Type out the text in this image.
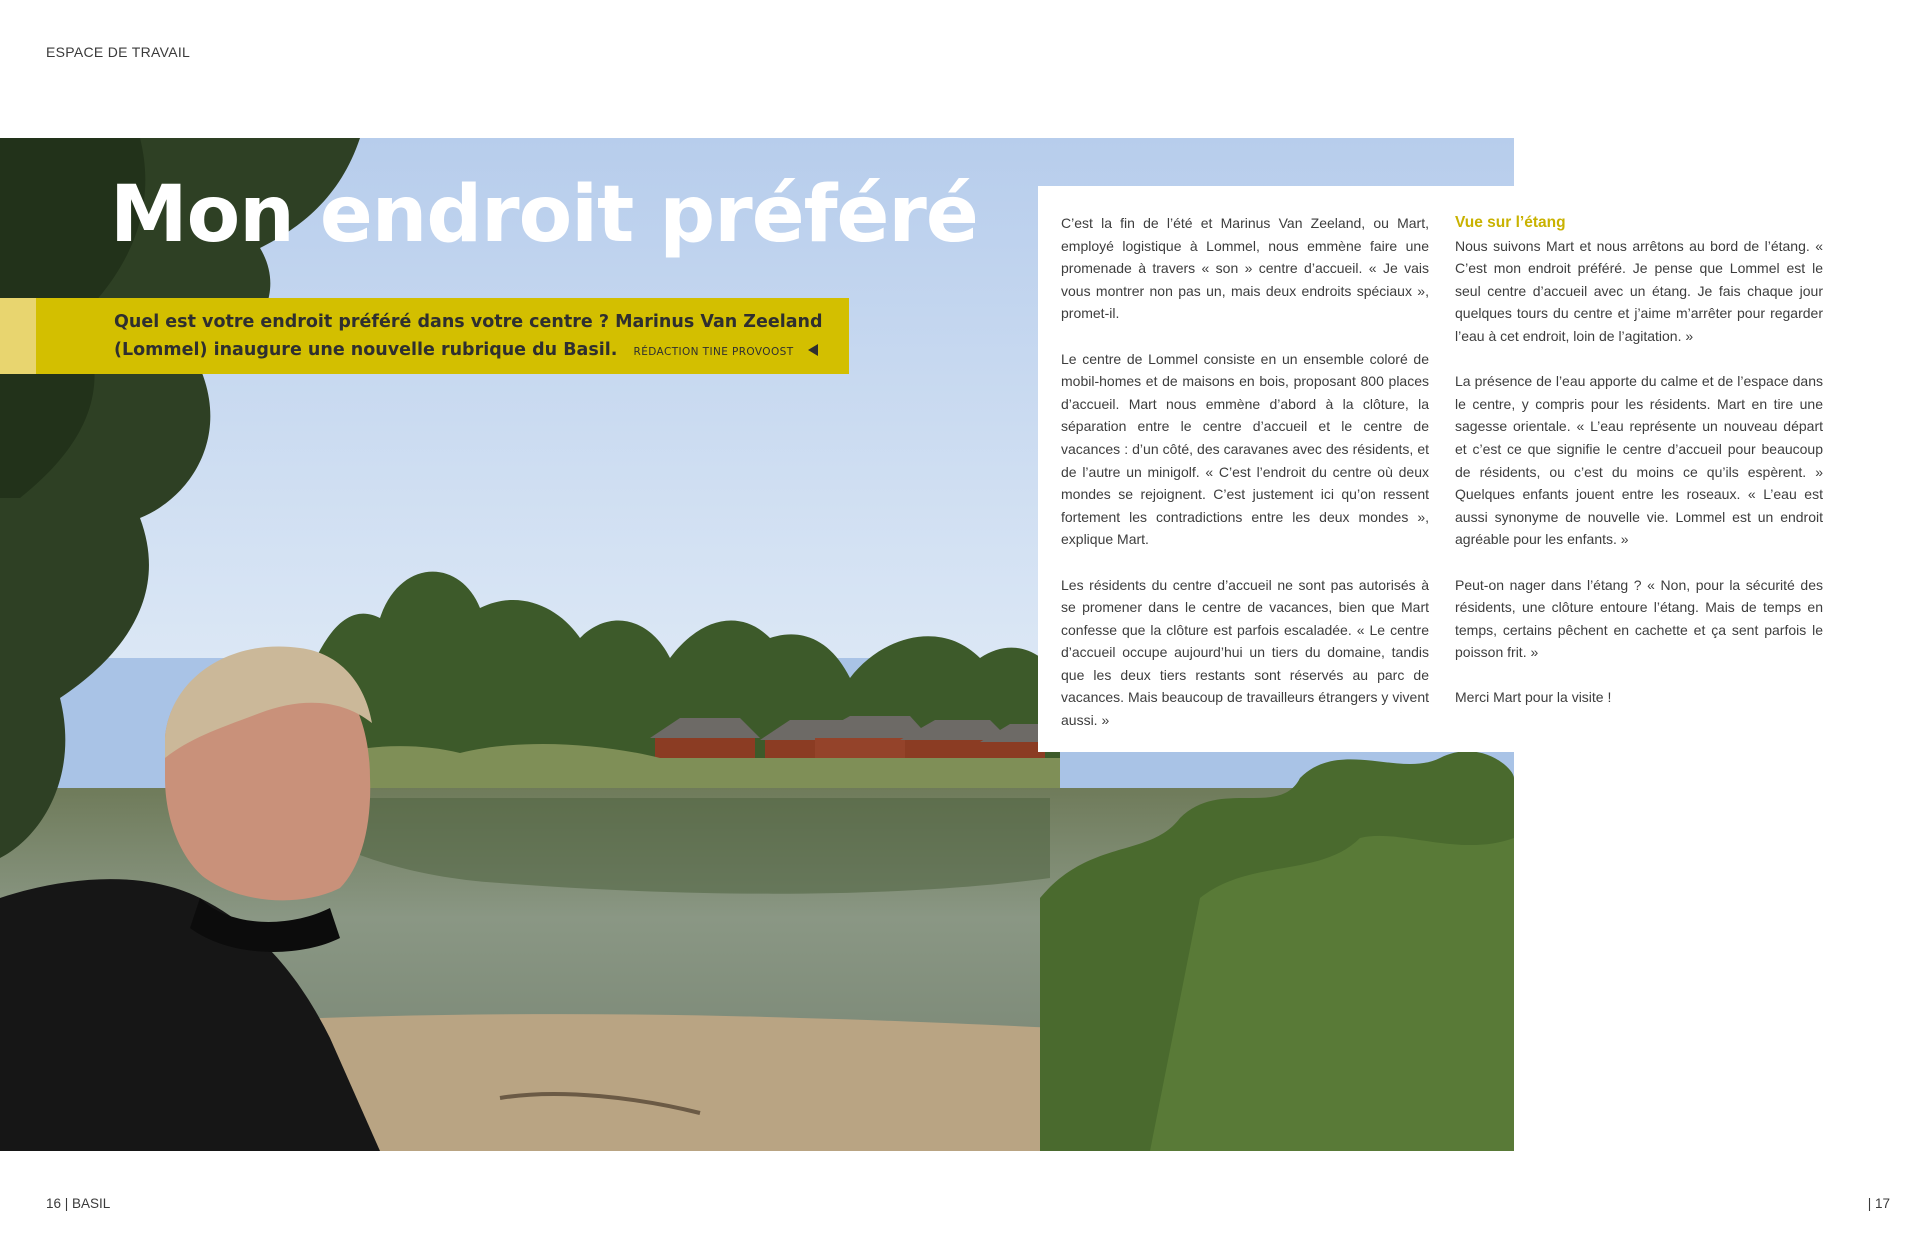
ESPACE DE TRAVAIL
Mon endroit préféré
Quel est votre endroit préféré dans votre centre ? Marinus Van Zeeland (Lommel) inaugure une nouvelle rubrique du Basil. RÉDACTION TINE PROVOOST

C’est la fin de l’été et Marinus Van Zeeland, ou Mart, employé logistique à Lommel, nous emmène faire une promenade à travers « son » centre d’accueil. « Je vais vous montrer non pas un, mais deux endroits spéciaux », promet-il.

Le centre de Lommel consiste en un ensemble coloré de mobil-homes et de maisons en bois, proposant 800 places d’accueil. Mart nous emmène d’abord à la clôture, la séparation entre le centre d’accueil et le centre de vacances : d’un côté, des caravanes avec des résidents, et de l’autre un minigolf. « C’est l’endroit du centre où deux mondes se rejoignent. C’est justement ici qu’on ressent fortement les contradictions entre les deux mondes », explique Mart.

Les résidents du centre d’accueil ne sont pas autorisés à se promener dans le centre de vacances, bien que Mart confesse que la clôture est parfois escaladée. « Le centre d’accueil occupe aujourd’hui un tiers du domaine, tandis que les deux tiers restants sont réservés au parc de vacances. Mais beaucoup de travailleurs étrangers y vivent aussi. »

Vue sur l’étang

Nous suivons Mart et nous arrêtons au bord de l’étang. « C’est mon endroit préféré. Je pense que Lommel est le seul centre d’accueil avec un étang. Je fais chaque jour quelques tours du centre et j’aime m’arrêter pour regarder l’eau à cet endroit, loin de l’agitation. »

La présence de l’eau apporte du calme et de l’espace dans le centre, y compris pour les résidents. Mart en tire une sagesse orientale. « L’eau représente un nouveau départ et c’est ce que signifie le centre d’accueil pour beaucoup de résidents, ou c’est du moins ce qu’ils espèrent. » Quelques enfants jouent entre les roseaux. « L’eau est aussi synonyme de nouvelle vie. Lommel est un endroit agréable pour les enfants. »

Peut-on nager dans l’étang ? « Non, pour la sécurité des résidents, une clôture entoure l’étang. Mais de temps en temps, certains pêchent en cachette et ça sent parfois le poisson frit. »

Merci Mart pour la visite !

16 | BASIL	| 17
